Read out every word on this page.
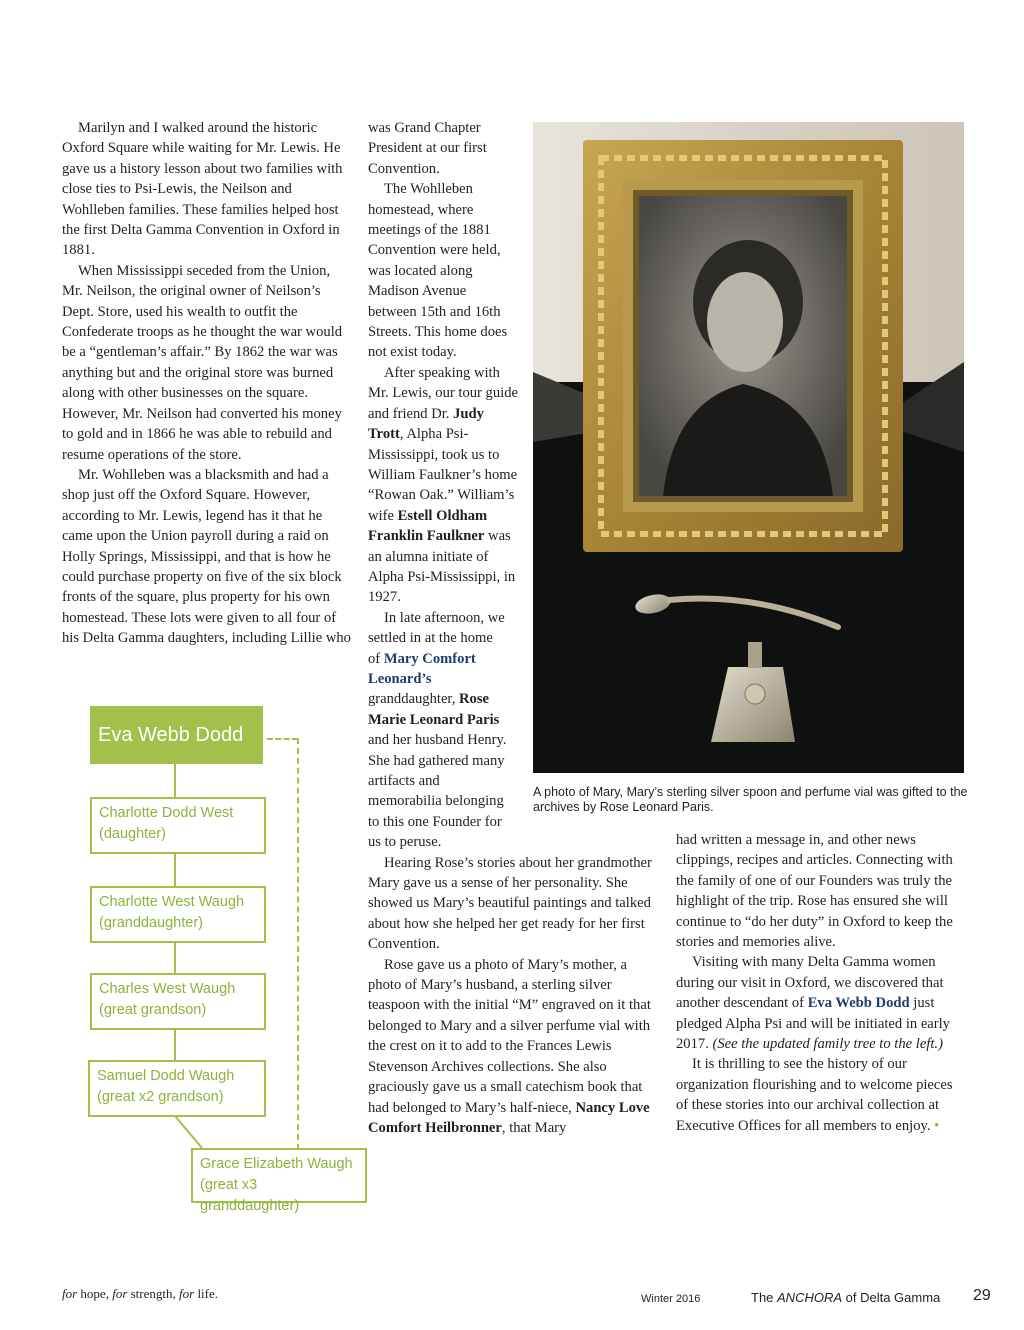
Marilyn and I walked around the historic Oxford Square while waiting for Mr. Lewis. He gave us a history lesson about two families with close ties to Psi-Lewis, the Neilson and Wohlleben families. These families helped host the first Delta Gamma Convention in Oxford in 1881.

When Mississippi seceded from the Union, Mr. Neilson, the original owner of Neilson’s Dept. Store, used his wealth to outfit the Confederate troops as he thought the war would be a “gentleman’s affair.” By 1862 the war was anything but and the original store was burned along with other businesses on the square. However, Mr. Neilson had converted his money to gold and in 1866 he was able to rebuild and resume operations of the store.

Mr. Wohlleben was a blacksmith and had a shop just off the Oxford Square. However, according to Mr. Lewis, legend has it that he came upon the Union payroll during a raid on Holly Springs, Mississippi, and that is how he could purchase property on five of the six block fronts of the square, plus property for his own homestead. These lots were given to all four of his Delta Gamma daughters, including Lillie who

was Grand Chapter President at our first Convention.

The Wohlleben homestead, where meetings of the 1881 Convention were held, was located along Madison Avenue between 15th and 16th Streets. This home does not exist today.

After speaking with Mr. Lewis, our tour guide and friend Dr. Judy Trott, Alpha Psi-Mississippi, took us to William Faulkner’s home “Rowan Oak.” William’s wife Estell Oldham Franklin Faulkner was an alumna initiate of Alpha Psi-Mississippi, in 1927.

In late afternoon, we settled in at the home of Mary Comfort Leonard’s granddaughter, Rose Marie Leonard Paris and her husband Henry. She had gathered many artifacts and memorabilia belonging to this one Founder for us to peruse.

Hearing Rose’s stories about her grandmother Mary gave us a sense of her personality. She showed us Mary’s beautiful paintings and talked about how she helped her get ready for her first Convention.

Rose gave us a photo of Mary’s mother, a photo of Mary’s husband, a sterling silver teaspoon with the initial “M” engraved on it that belonged to Mary and a silver perfume vial with the crest on it to add to the Frances Lewis Stevenson Archives collections. She also graciously gave us a small catechism book that had belonged to Mary’s half-niece, Nancy Love Comfort Heilbronner, that Mary

A photo of Mary, Mary’s sterling silver spoon and perfume vial was gifted to the archives by Rose Leonard Paris.
Eva Webb Dodd
Charlotte Dodd West
(daughter)
Charlotte West Waugh
(granddaughter)
Charles West Waugh
(great grandson)
Samuel Dodd Waugh
(great x2 grandson)
Grace Elizabeth Waugh
(great x3 granddaughter)

had written a message in, and other news clippings, recipes and articles. Connecting with the family of one of our Founders was truly the highlight of the trip. Rose has ensured she will continue to “do her duty” in Oxford to keep the stories and memories alive.

Visiting with many Delta Gamma women during our visit in Oxford, we discovered that another descendant of Eva Webb Dodd just pledged Alpha Psi and will be initiated in early 2017. (See the updated family tree to the left.)

It is thrilling to see the history of our organization flourishing and to welcome pieces of these stories into our archival collection at Executive Offices for all members to enjoy. •

for hope, for strength, for life.	Winter 2016	The ANCHORA of Delta Gamma 29
